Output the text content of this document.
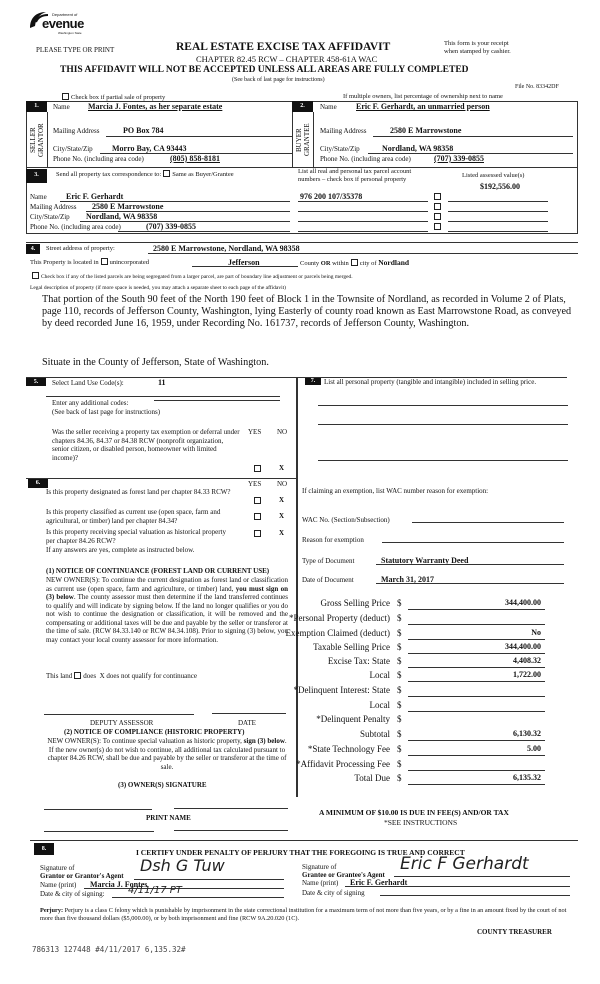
Department of
evenue
Washington State
PLEASE TYPE OR PRINT	REAL ESTATE EXCISE TAX AFFIDAVIT
CHAPTER 82.45 RCW – CHAPTER 458-61A WAC
This form is your receipt
when stamped by cashier.
THIS AFFIDAVIT WILL NOT BE ACCEPTED UNLESS ALL AREAS ARE FULLY COMPLETED
(See back of last page for instructions)
File No. 83342DF
Check box if partial sale of property	If multiple owners, list percentage of ownership next to name
1.	2.
SELLER
GRANTOR	BUYER
GRANTEE
Name Marcia J. Fontes, as her separate estate
Mailing Address	PO Box 784
City/State/Zip Morro Bay, CA 93443
Phone No. (including area code)	(805) 858-8181
Name Eric F. Gerhardt, an unmarried person
Mailing Address	2580 E Marrowstone
City/State/Zip	Nordland, WA 98358
Phone No. (including area code)	(707) 339-0855
3.	Send all property tax correspondence to: Same as Buyer/Grantee	List all real and personal tax parcel account
numbers – check box if personal property
Listed assessed value(s)
Name Eric F. Gerhardt
Mailing Address 2580 E Marrowstone
City/State/Zip Nordland, WA 98358
Phone No. (including area code)	(707) 339-0855
976 200 107/35378
$192,556.00
4.	Street address of property:	2580 E Marrowstone, Nordland, WA 98358
This Property is located in unincorporated	Jefferson	County OR within city of Nordland
Check box if any of the listed parcels are being segregated from a larger parcel, are part of boundary line adjustment or parcels being merged.
Legal description of property (if more space is needed, you may attach a separate sheet to each page of the affidavit)
That portion of the South 90 feet of the North 190 feet of Block 1 in the Townsite of Nordland, as recorded in Volume 2 of Plats, page 110, records of Jefferson County, Washington, lying Easterly of county road known as East Marrowstone Road, as conveyed by deed recorded June 16, 1959, under Recording No. 161737, records of Jefferson County, Washington.
Situate in the County of Jefferson, State of Washington.
5.	Select Land Use Code(s):	11
Enter any additional codes:
(See back of last page for instructions)
YES NO
Was the seller receiving a property tax exemption or deferral under chapters 84.36, 84.37 or 84.38 RCW (nonprofit organization, senior citizen, or disabled person, homeowner with limited income)?
X
7.	List all personal property (tangible and intangible) included in selling price.
6.	YES NO
Is this property designated as forest land per chapter 84.33 RCW?
X
Is this property classified as current use (open space, farm and agricultural, or timber) land per chapter 84.34?
X
Is this property receiving special valuation as historical property per chapter 84.26 RCW?
X
If any answers are yes, complete as instructed below.
(1) NOTICE OF CONTINUANCE (FOREST LAND OR CURRENT USE)
NEW OWNER(S): To continue the current designation as forest land or classification as current use (open space, farm and agriculture, or timber) land, you must sign on (3) below. The county assessor must then determine if the land transferred continues to qualify and will indicate by signing below. If the land no longer qualifies or you do not wish to continue the designation or classification, it will be removed and the compensating or additional taxes will be due and payable by the seller or transferor at the time of sale. (RCW 84.33.140 or RCW 84.34.108). Prior to signing (3) below, you may contact your local county assessor for more information.
This land does X does not qualify for continuance
DEPUTY ASSESSOR	DATE
(2) NOTICE OF COMPLIANCE (HISTORIC PROPERTY)
NEW OWNER(S): To continue special valuation as historic property, sign (3) below. If the new owner(s) do not wish to continue, all additional tax calculated pursuant to chapter 84.26 RCW, shall be due and payable by the seller or transferor at the time of sale.
(3) OWNER(S) SIGNATURE
PRINT NAME
If claiming an exemption, list WAC number reason for exemption:
WAC No. (Section/Subsection)
Reason for exemption
Type of Document	Statutory Warranty Deed
Date of Document	March 31, 2017
Gross Selling Price $	344,400.00
*Personal Property (deduct) $
Exemption Claimed (deduct) $	No
Taxable Selling Price $	344,400.00
Excise Tax: State $	4,408.32
Local $	1,722.00
*Delinquent Interest: State $
Local $
*Delinquent Penalty $
Subtotal $	6,130.32
*State Technology Fee $	5.00
*Affidavit Processing Fee $
Total Due $	6,135.32
A MINIMUM OF $10.00 IS DUE IN FEE(S) AND/OR TAX
*SEE INSTRUCTIONS
8.	I CERTIFY UNDER PENALTY OF PERJURY THAT THE FOREGOING IS TRUE AND CORRECT
Signature of
Grantor or Grantor's Agent
Dsh G Tuw
Name (print) Marcia J. Fontes
Date & city of signing: 4/11/17 PT
Signature of
Grantee or Grantee's Agent
Eric F Gerhardt
Name (print) Eric F. Gerhardt
Date & city of signing
Perjury: Perjury is a class C felony which is punishable by imprisonment in the state correctional institution for a maximum term of not more than five years, or by a fine in an amount fixed by the court of not more than five thousand dollars ($5,000.00), or by both imprisonment and fine (RCW 9A.20.020 (1C).
COUNTY TREASURER
786313 127448 #4/11/2017 6,135.32#
